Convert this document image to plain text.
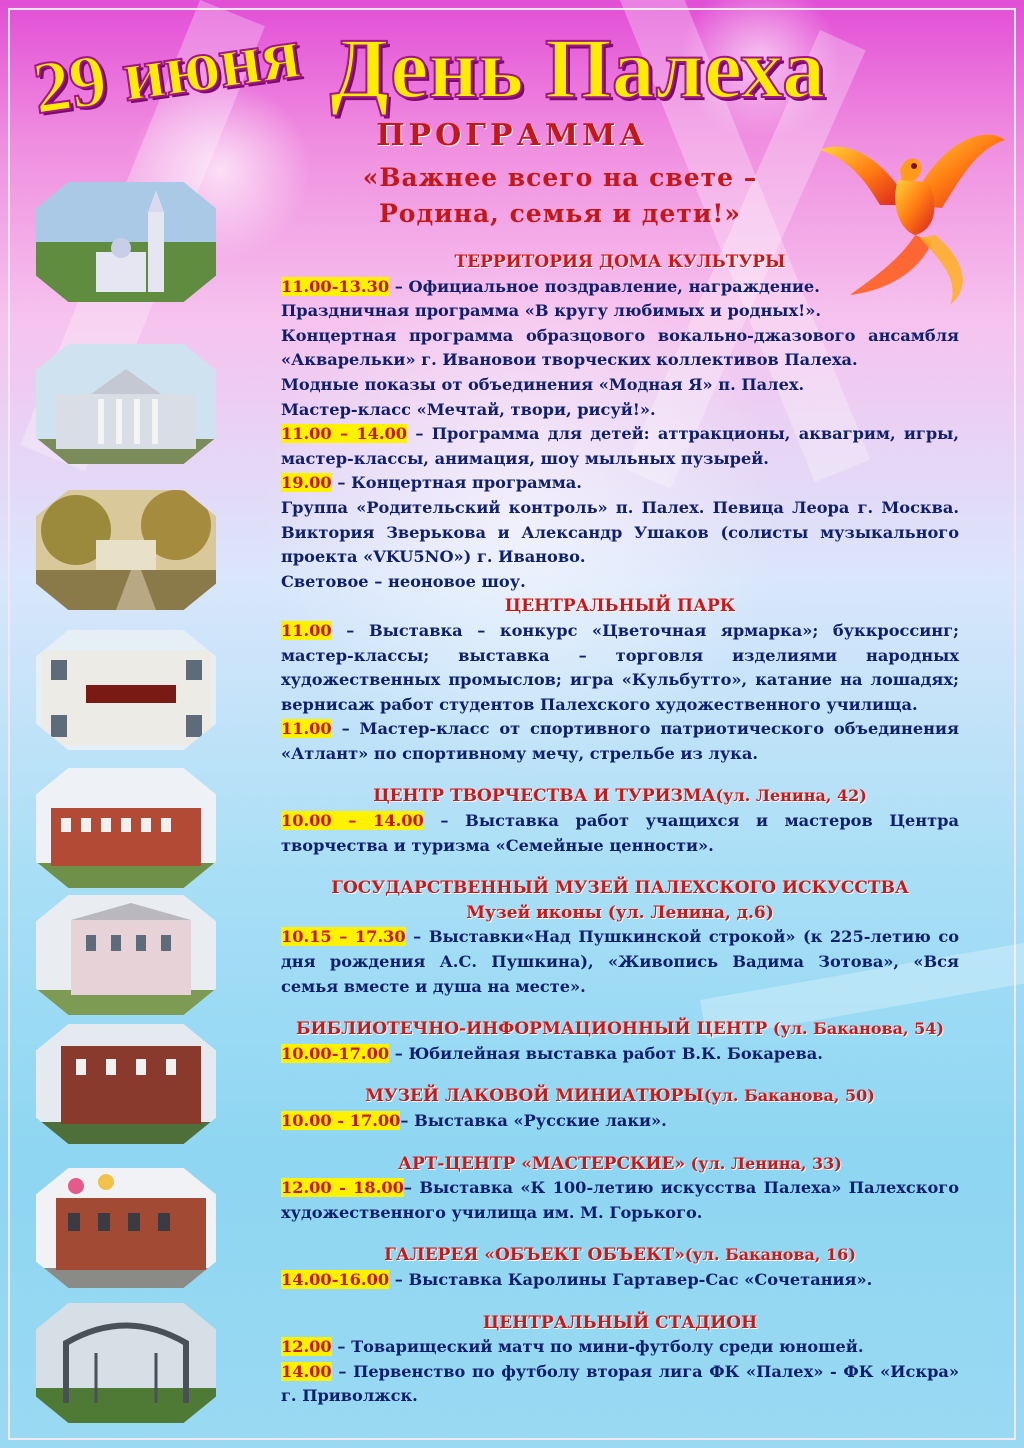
29 июня День Палеха
ПРОГРАММА
«Важнее всего на свете –
Родина, семья и дети!»

ТЕРРИТОРИЯ ДОМА КУЛЬТУРЫ

11.00-13.30 – Официальное поздравление, награждение.

Праздничная программа «В кругу любимых и родных!».

Концертная программа образцового вокально-джазового ансамбля «Акварельки» г. Ивановои творческих коллективов Палеха.

Модные показы от объединения «Модная Я» п. Палех.

Мастер-класс «Мечтай, твори, рисуй!».

11.00 – 14.00 – Программа для детей: аттракционы, аквагрим, игры, мастер-классы, анимация, шоу мыльных пузырей.

19.00 – Концертная программа.

Группа «Родительский контроль» п. Палех. Певица Леора г. Москва. Виктория Зверькова и Александр Ушаков (солисты музыкального проекта «VKU5NO») г. Иваново.

Световое – неоновое шоу.

ЦЕНТРАЛЬНЫЙ ПАРК

11.00 – Выставка – конкурс «Цветочная ярмарка»; буккроссинг; мастер-классы; выставка – торговля изделиями народных художественных промыслов; игра «Кульбутто», катание на лошадях; вернисаж работ студентов Палехского художественного училища.

11.00 – Мастер-класс от спортивного патриотического объединения «Атлант» по спортивному мечу, стрельбе из лука.

ЦЕНТР ТВОРЧЕСТВА И ТУРИЗМА(ул. Ленина, 42)

10.00 – 14.00 – Выставка работ учащихся и мастеров Центра творчества и туризма «Семейные ценности».

ГОСУДАРСТВЕННЫЙ МУЗЕЙ ПАЛЕХСКОГО ИСКУССТВА

Музей иконы (ул. Ленина, д.6)

10.15 – 17.30 – Выставки«Над Пушкинской строкой» (к 225-летию со дня рождения А.С. Пушкина), «Живопись Вадима Зотова», «Вся семья вместе и душа на месте».

БИБЛИОТЕЧНО-ИНФОРМАЦИОННЫЙ ЦЕНТР (ул. Баканова, 54)

10.00-17.00 – Юбилейная выставка работ В.К. Бокарева.

МУЗЕЙ ЛАКОВОЙ МИНИАТЮРЫ(ул. Баканова, 50)

10.00 - 17.00– Выставка «Русские лаки».

АРТ-ЦЕНТР «МАСТЕРСКИЕ» (ул. Ленина, 33)

12.00 - 18.00– Выставка «К 100-летию искусства Палеха» Палехского художественного училища им. М. Горького.

ГАЛЕРЕЯ «ОБЪЕКТ ОБЪЕКТ»(ул. Баканова, 16)

14.00-16.00 – Выставка Каролины Гартавер-Сас «Сочетания».

ЦЕНТРАЛЬНЫЙ СТАДИОН

12.00 – Товарищеский матч по мини-футболу среди юношей.

14.00 – Первенство по футболу вторая лига ФК «Палех» - ФК «Искра» г. Приволжск.
